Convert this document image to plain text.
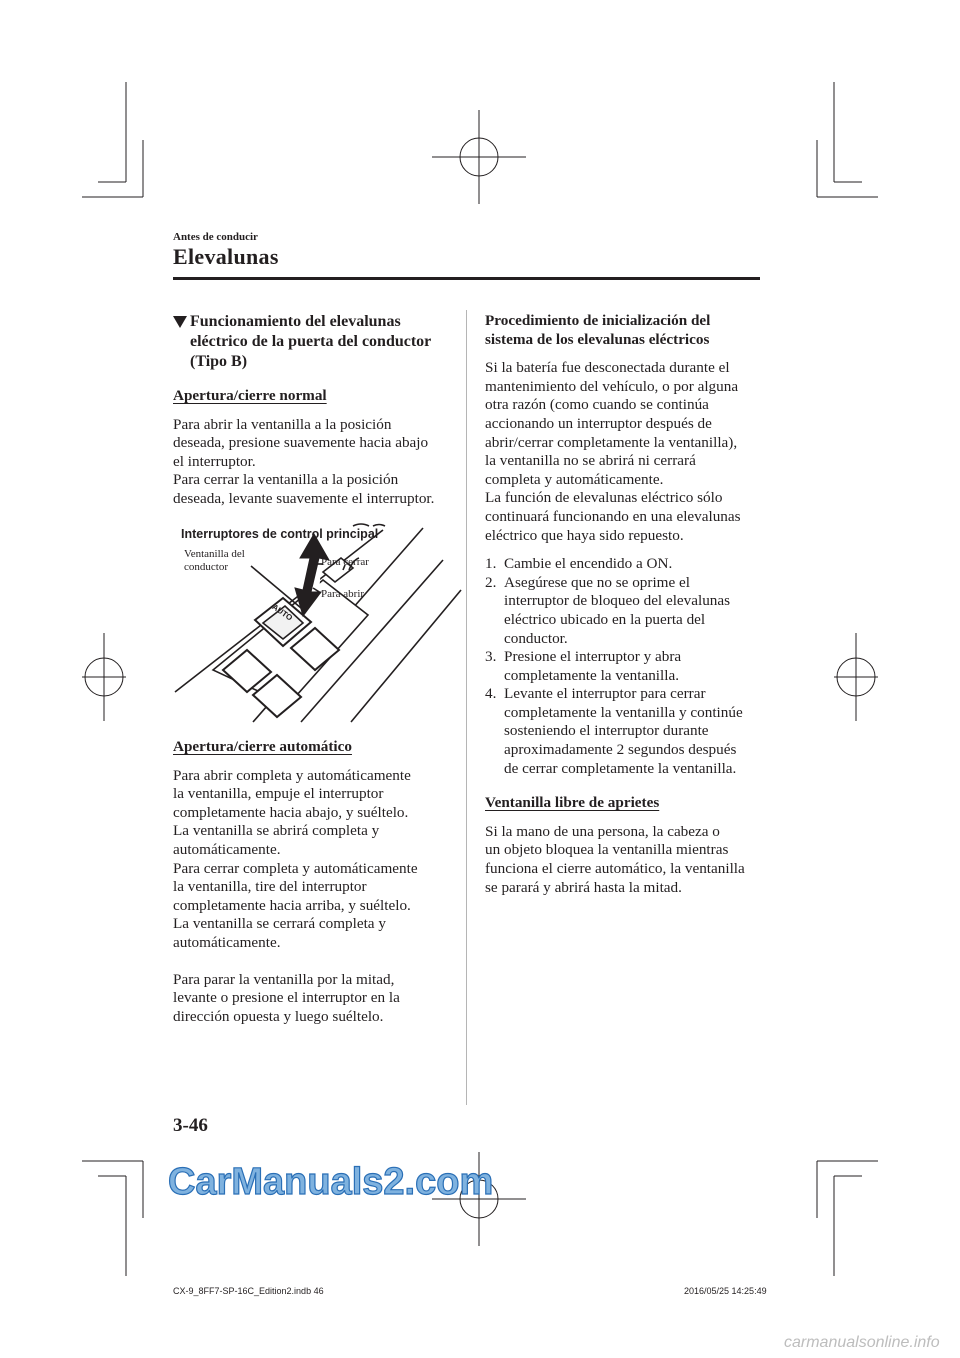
Antes de conducir
Elevalunas
Funcionamiento del elevalunas
eléctrico de la puerta del conductor
(Tipo B)
Apertura/cierre normal

Para abrir la ventanilla a la posición

deseada, presione suavemente hacia abajo

el interruptor.

Para cerrar la ventanilla a la posición

deseada, levante suavemente el interruptor.

Interruptores de control principal
Ventanilla del
conductor	Para cerrar
Para abrir
AUTO
Apertura/cierre automático

Para abrir completa y automáticamente

la ventanilla, empuje el interruptor

completamente hacia abajo, y suéltelo.

La ventanilla se abrirá completa y

automáticamente.

Para cerrar completa y automáticamente

la ventanilla, tire del interruptor

completamente hacia arriba, y suéltelo.

La ventanilla se cerrará completa y

automáticamente.

Para parar la ventanilla por la mitad,

levante o presione el interruptor en la

dirección opuesta y luego suéltelo.

Procedimiento de inicialización del

sistema de los elevalunas eléctricos

Si la batería fue desconectada durante el

mantenimiento del vehículo, o por alguna

otra razón (como cuando se continúa

accionando un interruptor después de

abrir/cerrar completamente la ventanilla),

la ventanilla no se abrirá ni cerrará

completa y automáticamente.

La función de elevalunas eléctrico sólo

continuará funcionando en una elevalunas

eléctrico que haya sido repuesto.

1. Cambie el encendido a ON.
2. Asegúrese que no se oprime el
interruptor de bloqueo del elevalunas
eléctrico ubicado en la puerta del
conductor.
3. Presione el interruptor y abra
completamente la ventanilla.
4. Levante el interruptor para cerrar
completamente la ventanilla y continúe
sosteniendo el interruptor durante
aproximadamente 2 segundos después
de cerrar completamente la ventanilla.
Ventanilla libre de aprietes

Si la mano de una persona, la cabeza o

un objeto bloquea la ventanilla mientras

funciona el cierre automático, la ventanilla

se parará y abrirá hasta la mitad.

3-46
CarManuals2.com
CX-9_8FF7-SP-16C_Edition2.indb 46	2016/05/25 14:25:49
carmanualsonline.info
